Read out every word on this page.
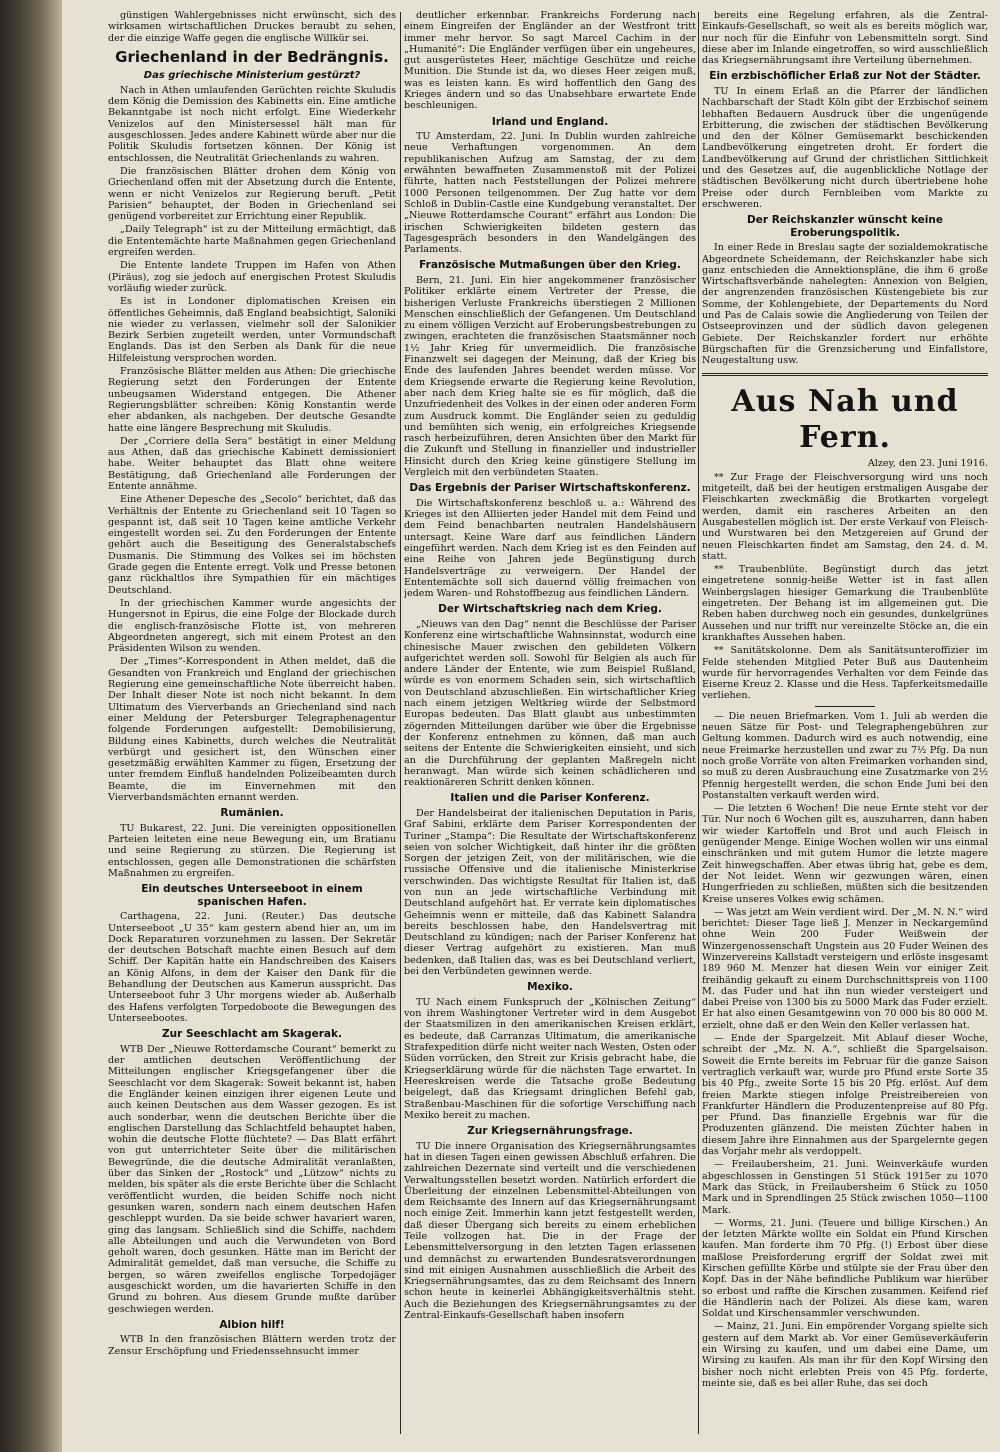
günstigen Wahlergebnisses nicht erwünscht, sich des wirksamen wirtschaftlichen Druckes beraubt zu sehen, der die einzige Waffe gegen die englische Willkür sei.

Griechenland in der Bedrängnis.
Das griechische Ministerium gestürzt?

Nach in Athen umlaufenden Gerüchten reichte Skuludis dem König die Demission des Kabinetts ein. Eine amtliche Bekanntgabe ist noch nicht erfolgt. Eine Wiederkehr Venizelos auf den Ministersessel hält man für ausgeschlossen. Jedes andere Kabinett würde aber nur die Politik Skuludis fortsetzen können. Der König ist entschlossen, die Neutralität Griechenlands zu wahren.

Die französischen Blätter drohen dem König von Griechenland offen mit der Absetzung durch die Entente, wenn er nicht Venizelos zur Regierung beruft. „Petit Parisien“ behauptet, der Boden in Griechenland sei genügend vorbereitet zur Errichtung einer Republik.

„Daily Telegraph“ ist zu der Mitteilung ermächtigt, daß die Ententemächte harte Maßnahmen gegen Griechenland ergreifen werden.

Die Entente landete Truppen im Hafen von Athen (Piräus), zog sie jedoch auf energischen Protest Skuludis vorläufig wieder zurück.

Es ist in Londoner diplomatischen Kreisen ein öffentliches Geheimnis, daß England beabsichtigt, Saloniki nie wieder zu verlassen, vielmehr soll der Salonikier Bezirk Serbien zugeteilt werden, unter Vormundschaft Englands. Das ist den Serben als Dank für die neue Hilfeleistung versprochen worden.

Französische Blätter melden aus Athen: Die griechische Regierung setzt den Forderungen der Entente unbeugsamen Widerstand entgegen. Die Athener Regierungsblätter schreiben: König Konstantin werde eher abdanken, als nachgeben. Der deutsche Gesandte hatte eine längere Besprechung mit Skuludis.

Der „Corriere della Sera“ bestätigt in einer Meldung aus Athen, daß das griechische Kabinett demissioniert habe. Weiter behauptet das Blatt ohne weitere Bestätigung, daß Griechenland alle Forderungen der Entente annähme.

Eine Athener Depesche des „Secolo“ berichtet, daß das Verhältnis der Entente zu Griechenland seit 10 Tagen so gespannt ist, daß seit 10 Tagen keine amtliche Verkehr eingestellt worden sei. Zu den Forderungen der Entente gehört auch die Beseitigung des Generalstabschefs Dusmanis. Die Stimmung des Volkes sei im höchsten Grade gegen die Entente erregt. Volk und Presse betonen ganz rückhaltlos ihre Sympathien für ein mächtiges Deutschland.

In der griechischen Kammer wurde angesichts der Hungersnot in Epirus, die eine Folge der Blockade durch die englisch-französische Flotte ist, von mehreren Abgeordneten angeregt, sich mit einem Protest an den Präsidenten Wilson zu wenden.

Der „Times“-Korrespondent in Athen meldet, daß die Gesandten von Frankreich und England der griechischen Regierung eine gemeinschaftliche Note überreicht haben. Der Inhalt dieser Note ist noch nicht bekannt. In dem Ultimatum des Vierverbands an Griechenland sind nach einer Meldung der Petersburger Telegraphenagentur folgende Forderungen aufgestellt: Demobilisierung, Bildung eines Kabinetts, durch welches die Neutralität verbürgt und gesichert ist, den Wünschen einer gesetzmäßig erwählten Kammer zu fügen, Ersetzung der unter fremdem Einfluß handelnden Polizeibeamten durch Beamte, die im Einvernehmen mit den Vierverbandsmächten ernannt werden.

Rumänien.

TU Bukarest, 22. Juni. Die vereinigten oppositionellen Parteien leiteten eine neue Bewegung ein, um Bratianu und seine Regierung zu stürzen. Die Regierung ist entschlossen, gegen alle Demonstrationen die schärfsten Maßnahmen zu ergreifen.

Ein deutsches Unterseeboot in einem spanischen Hafen.

Carthagena, 22. Juni. (Reuter.) Das deutsche Unterseeboot „U 35“ kam gestern abend hier an, um im Dock Reparaturen vorzunehmen zu lassen. Der Sekretär der deutschen Botschaft machte einen Besuch auf dem Schiff. Der Kapitän hatte ein Handschreiben des Kaisers an König Alfons, in dem der Kaiser den Dank für die Behandlung der Deutschen aus Kamerun ausspricht. Das Unterseeboot fuhr 3 Uhr morgens wieder ab. Außerhalb des Hafens verfolgten Torpedoboote die Bewegungen des Unterseebootes.

Zur Seeschlacht am Skagerak.

WTB Der „Nieuwe Rotterdamsche Courant“ bemerkt zu der amtlichen deutschen Veröffentlichung der Mitteilungen englischer Kriegsgefangener über die Seeschlacht vor dem Skagerak: Soweit bekannt ist, haben die Engländer keinen einzigen ihrer eigenen Leute und auch keinen Deutschen aus dem Wasser gezogen. Es ist auch sonderbar, wenn die deutschen Berichte über die englischen Darstellung das Schlachtfeld behauptet haben, wohin die deutsche Flotte flüchtete? — Das Blatt erfährt von gut unterrichteter Seite über die militärischen Bewegründe, die die deutsche Admiralität veranlaßten, über das Sinken der „Rostock“ und „Lützow“ nichts zu melden, bis später als die erste Berichte über die Schlacht veröffentlicht wurden, die beiden Schiffe noch nicht gesunken waren, sondern nach einem deutschen Hafen geschleppt wurden. Da sie beide schwer havariert waren, ging das langsam. Schließlich sind die Schiffe, nachdem alle Abteilungen und auch die Verwundeten von Bord geholt waren, doch gesunken. Hätte man im Bericht der Admiralität gemeldet, daß man versuche, die Schiffe zu bergen, so wären zweifellos englische Torpedojäger ausgeschickt worden, um die havarierten Schiffe in den Grund zu bohren. Aus diesem Grunde mußte darüber geschwiegen werden.

Albion hilf!

WTB In den französischen Blättern werden trotz der Zensur Erschöpfung und Friedenssehnsucht immer

deutlicher erkennbar. Frankreichs Forderung nach einem Eingreifen der Engländer an der Westfront tritt immer mehr hervor. So sagt Marcel Cachim in der „Humanité“: Die Engländer verfügen über ein ungeheures, gut ausgerüstetes Heer, mächtige Geschütze und reiche Munition. Die Stunde ist da, wo dieses Heer zeigen muß, was es leisten kann. Es wird hoffentlich den Gang des Krieges ändern und so das Unabsehbare erwartete Ende beschleunigen.

Irland und England.

TU Amsterdam, 22. Juni. In Dublin wurden zahlreiche neue Verhaftungen vorgenommen. An dem republikanischen Aufzug am Samstag, der zu dem erwähnten bewaffneten Zusammenstoß mit der Polizei führte, hatten nach Feststellungen der Polizei mehrere 1000 Personen teilgenommen. Der Zug hatte vor dem Schloß in Dublin-Castle eine Kundgebung veranstaltet. Der „Nieuwe Rotterdamsche Courant“ erfährt aus London: Die irischen Schwierigkeiten bildeten gestern das Tagesgespräch besonders in den Wandelgängen des Parlaments.

Französische Mutmaßungen über den Krieg.

Bern, 21. Juni. Ein hier angekommener französischer Politiker erklärte einem Vertreter der Presse, die bisherigen Verluste Frankreichs überstiegen 2 Millionen Menschen einschließlich der Gefangenen. Um Deutschland zu einem völligen Verzicht auf Eroberungsbestrebungen zu zwingen, erachteten die französischen Staatsmänner noch 1½ Jahr Krieg für unvermeidlich. Die französische Finanzwelt sei dagegen der Meinung, daß der Krieg bis Ende des laufenden Jahres beendet werden müsse. Vor dem Kriegsende erwarte die Regierung keine Revolution, aber nach dem Krieg halte sie es für möglich, daß die Unzufriedenheit des Volkes in der einen oder anderen Form zum Ausdruck kommt. Die Engländer seien zu geduldig und bemühten sich wenig, ein erfolgreiches Kriegsende rasch herbeizuführen, deren Ansichten über den Markt für die Zukunft und Stellung in finanzieller und industrieller Hinsicht durch den Krieg keine günstigere Stellung im Vergleich mit den verbündeten Staaten.

Das Ergebnis der Pariser Wirtschaftskonferenz.

Die Wirtschaftskonferenz beschloß u. a.: Während des Krieges ist den Alliierten jeder Handel mit dem Feind und dem Feind benachbarten neutralen Handelshäusern untersagt. Keine Ware darf aus feindlichen Ländern eingeführt werden. Nach dem Krieg ist es den Feinden auf eine Reihe von Jahren jede Begünstigung durch Handelsverträge zu verweigern. Der Handel der Ententemächte soll sich dauernd völlig freimachen von jedem Waren- und Rohstoffbezug aus feindlichen Ländern.

Der Wirtschaftskrieg nach dem Krieg.

„Nieuws van den Dag“ nennt die Beschlüsse der Pariser Konferenz eine wirtschaftliche Wahnsinnstat, wodurch eine chinesische Mauer zwischen den gebildeten Völkern aufgerichtet werden soll. Sowohl für Belgien als auch für andere Länder der Entente, wie zum Beispiel Rußland, würde es von enormem Schaden sein, sich wirtschaftlich von Deutschland abzuschließen. Ein wirtschaftlicher Krieg nach einem jetzigen Weltkrieg würde der Selbstmord Europas bedeuten. Das Blatt glaubt aus unbestimmten zögernden Mitteilungen darüber wie über die Ergebnisse der Konferenz entnehmen zu können, daß man auch seitens der Entente die Schwierigkeiten einsieht, und sich an die Durchführung der geplanten Maßregeln nicht heranwagt. Man würde sich keinen schädlicheren und reaktionäreren Schritt denken können.

Italien und die Pariser Konferenz.

Der Handelsbeirat der italienischen Deputation in Paris, Graf Sabini, erklärte dem Pariser Korrespondenten der Turiner „Stampa“: Die Resultate der Wirtschaftskonferenz seien von solcher Wichtigkeit, daß hinter ihr die größten Sorgen der jetzigen Zeit, von der militärischen, wie die russische Offensive und die italienische Ministerkrise verschwinden. Das wichtigste Resultat für Italien ist, daß von nun an jede wirtschaftliche Verbindung mit Deutschland aufgehört hat. Er verrate kein diplomatisches Geheimnis wenn er mitteile, daß das Kabinett Salandra bereits beschlossen habe, den Handelsvertrag mit Deutschland zu kündigen; nach der Pariser Konferenz hat dieser Vertrag aufgehört zu existieren. Man muß bedenken, daß Italien das, was es bei Deutschland verliert, bei den Verbündeten gewinnen werde.

Mexiko.

TU Nach einem Funkspruch der „Kölnischen Zeitung“ von ihrem Washingtoner Vertreter wird in dem Ausgebot der Staatsmilizen in den amerikanischen Kreisen erklärt, es bedeute, daß Carranzas Ultimatum, die amerikanische Strafexpedition dürfe nicht weiter nach Westen, Osten oder Süden vorrücken, den Streit zur Krisis gebracht habe, die Kriegserklärung würde für die nächsten Tage erwartet. In Heereskreisen werde die Tatsache große Bedeutung beigelegt, daß das Kriegsamt dringlichen Befehl gab, Straßenbau-Maschinen für die sofortige Verschiffung nach Mexiko bereit zu machen.

Zur Kriegsernährungsfrage.

TU Die innere Organisation des Kriegsernährungsamtes hat in diesen Tagen einen gewissen Abschluß erfahren. Die zahlreichen Dezernate sind verteilt und die verschiedenen Verwaltungsstellen besetzt worden. Natürlich erfordert die Überleitung der einzelnen Lebensmittel-Abteilungen von dem Reichsamte des Innern auf das Kriegsernährungsamt noch einige Zeit. Immerhin kann jetzt festgestellt werden, daß dieser Übergang sich bereits zu einem erheblichen Teile vollzogen hat. Die in der Frage der Lebensmittelversorgung in den letzten Tagen erlassenen und demnächst zu erwartenden Bundesratsverordnungen sind mit einigen Ausnahmen ausschließlich die Arbeit des Kriegsernährungsamtes, das zu dem Reichsamt des Innern schon heute in keinerlei Abhängigkeitsverhältnis steht. Auch die Beziehungen des Kriegsernährungsamtes zu der Zentral-Einkaufs-Gesellschaft haben insofern

bereits eine Regelung erfahren, als die Zentral-Einkaufs-Gesellschaft, so weit als es bereits möglich war, nur noch für die Einfuhr von Lebensmitteln sorgt. Sind diese aber im Inlande eingetroffen, so wird ausschließlich das Kriegsernährungsamt ihre Verteilung übernehmen.

Ein erzbischöflicher Erlaß zur Not der Städter.

TU In einem Erlaß an die Pfarrer der ländlichen Nachbarschaft der Stadt Köln gibt der Erzbischof seinem lebhaften Bedauern Ausdruck über die ungenügende Erbitterung, die zwischen der städtischen Bevölkerung und den der Kölner Gemüsemarkt beschickenden Landbevölkerung eingetreten droht. Er fordert die Landbevölkerung auf Grund der christlichen Sittlichkeit und des Gesetzes auf, die augenblickliche Notlage der städtischen Bevölkerung nicht durch übertriebene hohe Preise oder durch Fernbleiben vom Markte zu erschweren.

Der Reichskanzler wünscht keine Eroberungspolitik.

In einer Rede in Breslau sagte der sozialdemokratische Abgeordnete Scheidemann, der Reichskanzler habe sich ganz entschieden die Annektionspläne, die ihm 6 große Wirtschaftsverbände nahelegten: Annexion von Belgien, der angrenzenden französischen Küstengebiete bis zur Somme, der Kohlengebiete, der Departements du Nord und Pas de Calais sowie die Angliederung von Teilen der Ostseeprovinzen und der südlich davon gelegenen Gebiete. Der Reichskanzler fordert nur erhöhte Bürgschaften für die Grenzsicherung und Einfallstore, Neugestaltung usw.

Aus Nah und Fern.
Alzey, den 23. Juni 1916.

** Zur Frage der Fleischversorgung wird uns noch mitgeteilt, daß bei der heutigen erstmaligen Ausgabe der Fleischkarten zweckmäßig die Brotkarten vorgelegt werden, damit ein rascheres Arbeiten an den Ausgabestellen möglich ist. Der erste Verkauf von Fleisch- und Wurstwaren bei den Metzgereien auf Grund der neuen Fleischkarten findet am Samstag, den 24. d. M. statt.

** Traubenblüte. Begünstigt durch das jetzt eingetretene sonnig-heiße Wetter ist in fast allen Weinbergslagen hiesiger Gemarkung die Traubenblüte eingetreten. Der Behang ist im allgemeinen gut. Die Reben haben durchweg noch ein gesundes, dunkelgrünes Aussehen und nur trifft nur vereinzelte Stöcke an, die ein krankhaftes Aussehen haben.

** Sanitätskolonne. Dem als Sanitätsunteroffizier im Felde stehenden Mitglied Peter Buß aus Dautenheim wurde für hervorragendes Verhalten vor dem Feinde das Eiserne Kreuz 2. Klasse und die Hess. Tapferkeitsmedaille verliehen.

— Die neuen Briefmarken. Vom 1. Juli ab werden die neuen Sätze für Post- und Telegraphengebühren zur Geltung kommen. Dadurch wird es auch notwendig, eine neue Freimarke herzustellen und zwar zu 7½ Pfg. Da nun noch große Vorräte von alten Freimarken vorhanden sind, so muß zu deren Ausbrauchung eine Zusatzmarke von 2½ Pfennig hergestellt werden, die schon Ende Juni bei den Postanstalten verkauft werden wird.

— Die letzten 6 Wochen! Die neue Ernte steht vor der Tür. Nur noch 6 Wochen gilt es, auszuharren, dann haben wir wieder Kartoffeln und Brot und auch Fleisch in genügender Menge. Einige Wochen wollen wir uns einmal einschränken und mit gutem Humor die letzte magere Zeit hinwegschaffen. Aber etwas übrig hat, gebe es dem, der Not leidet. Wenn wir gezwungen wären, einen Hungerfrieden zu schließen, müßten sich die besitzenden Kreise unseres Volkes ewig schämen.

— Was jetzt am Wein verdient wird. Der „M. N. N.“ wird berichtet: Dieser Tage ließ J. Menzer in Neckargemünd ohne Wein 200 Fuder Weißwein der Winzergenossenschaft Ungstein aus 20 Fuder Weinen des Winzervereins Kallstadt versteigern und erlöste insgesamt 189 960 M. Menzer hat diesen Wein vor einiger Zeit freihändig gekauft zu einem Durchschnittspreis von 1100 M. das Fuder und hat ihn nun wieder versteigert und dabei Preise von 1300 bis zu 5000 Mark das Fuder erzielt. Er hat also einen Gesamtgewinn von 70 000 bis 80 000 M. erzielt, ohne daß er den Wein den Keller verlassen hat.

— Ende der Spargelzeit. Mit Ablauf dieser Woche, schreibt der „Mz. N. A.“, schließt die Spargelsaison. Soweit die Ernte bereits im Februar für die ganze Saison vertraglich verkauft war, wurde pro Pfund erste Sorte 35 bis 40 Pfg., zweite Sorte 15 bis 20 Pfg. erlöst. Auf dem freien Markte stiegen infolge Preistreibereien von Frankfurter Händlern die Produzentenpreise auf 80 Pfg. per Pfund. Das finanzielle Ergebnis war für die Produzenten glänzend. Die meisten Züchter haben in diesem Jahre ihre Einnahmen aus der Spargelernte gegen das Vorjahr mehr als verdoppelt.

— Freilaubersheim, 21. Juni. Weinverkäufe wurden abgeschlossen in Genstingen 51 Stück 1915er zu 1070 Mark das Stück, in Freilaubersheim 6 Stück zu 1050 Mark und in Sprendlingen 25 Stück zwischen 1050—1100 Mark.

— Worms, 21. Juni. (Teuere und billige Kirschen.) An der letzten Märkte wollte ein Soldat ein Pfund Kirschen kaufen. Man forderte ihm 70 Pfg. (!) Erbost über diese maßlose Preisforderung ergriff der Soldat zwei mit Kirschen gefüllte Körbe und stülpte sie der Frau über den Kopf. Das in der Nähe befindliche Publikum war hierüber so erbost und raffte die Kirschen zusammen. Keifend rief die Händlerin nach der Polizei. Als diese kam, waren Soldat und Kirschensammler verschwunden.

— Mainz, 21. Juni. Ein empörender Vorgang spielte sich gestern auf dem Markt ab. Vor einer Gemüseverkäuferin ein Wirsing zu kaufen, und um dabei eine Dame, um Wirsing zu kaufen. Als man ihr für den Kopf Wirsing den bisher noch nicht erlebten Preis von 45 Pfg. forderte, meinte sie, daß es bei aller Ruhe, das sei doch
